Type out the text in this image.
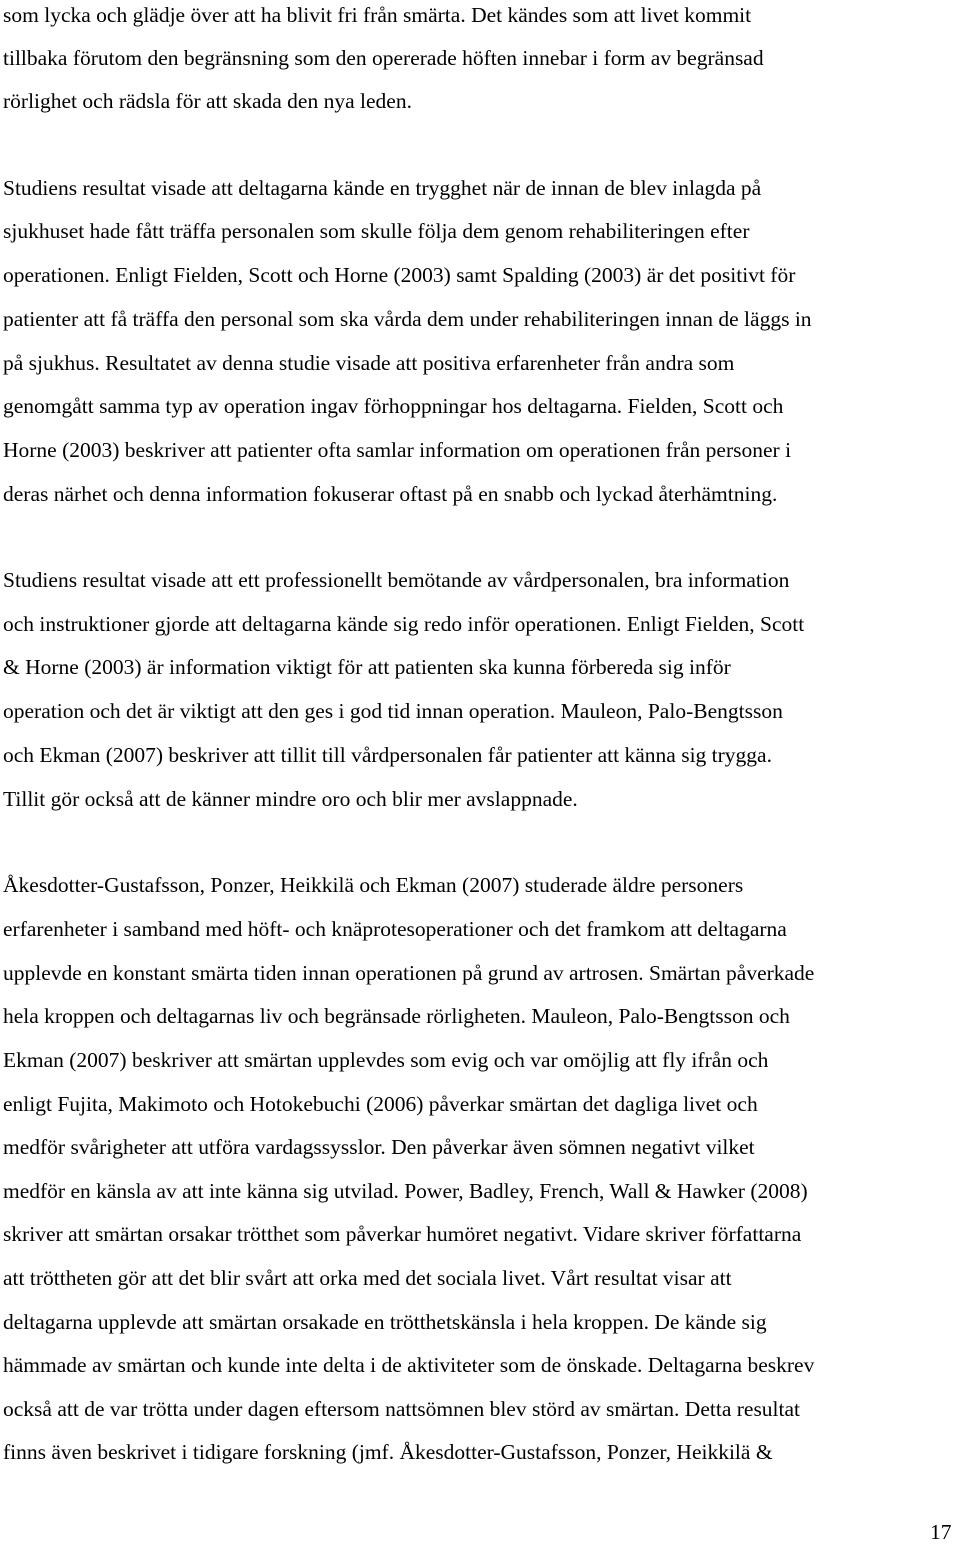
som lycka och glädje över att ha blivit fri från smärta. Det kändes som att livet kommit
tillbaka förutom den begränsning som den opererade höften innebar i form av begränsad
rörlighet och rädsla för att skada den nya leden.
Studiens resultat visade att deltagarna kände en trygghet när de innan de blev inlagda på
sjukhuset hade fått träffa personalen som skulle följa dem genom rehabiliteringen efter
operationen. Enligt Fielden, Scott och Horne (2003) samt Spalding (2003) är det positivt för
patienter att få träffa den personal som ska vårda dem under rehabiliteringen innan de läggs in
på sjukhus. Resultatet av denna studie visade att positiva erfarenheter från andra som
genomgått samma typ av operation ingav förhoppningar hos deltagarna. Fielden, Scott och
Horne (2003) beskriver att patienter ofta samlar information om operationen från personer i
deras närhet och denna information fokuserar oftast på en snabb och lyckad återhämtning.
Studiens resultat visade att ett professionellt bemötande av vårdpersonalen, bra information
och instruktioner gjorde att deltagarna kände sig redo inför operationen. Enligt Fielden, Scott
& Horne (2003) är information viktigt för att patienten ska kunna förbereda sig inför
operation och det är viktigt att den ges i god tid innan operation. Mauleon, Palo-Bengtsson
och Ekman (2007) beskriver att tillit till vårdpersonalen får patienter att känna sig trygga.
Tillit gör också att de känner mindre oro och blir mer avslappnade.
Åkesdotter-Gustafsson, Ponzer, Heikkilä och Ekman (2007) studerade äldre personers
erfarenheter i samband med höft- och knäprotesoperationer och det framkom att deltagarna
upplevde en konstant smärta tiden innan operationen på grund av artrosen. Smärtan påverkade
hela kroppen och deltagarnas liv och begränsade rörligheten. Mauleon, Palo-Bengtsson och
Ekman (2007) beskriver att smärtan upplevdes som evig och var omöjlig att fly ifrån och
enligt Fujita, Makimoto och Hotokebuchi (2006) påverkar smärtan det dagliga livet och
medför svårigheter att utföra vardagssysslor. Den påverkar även sömnen negativt vilket
medför en känsla av att inte känna sig utvilad. Power, Badley, French, Wall & Hawker (2008)
skriver att smärtan orsakar trötthet som påverkar humöret negativt. Vidare skriver författarna
att tröttheten gör att det blir svårt att orka med det sociala livet. Vårt resultat visar att
deltagarna upplevde att smärtan orsakade en trötthetskänsla i hela kroppen. De kände sig
hämmade av smärtan och kunde inte delta i de aktiviteter som de önskade. Deltagarna beskrev
också att de var trötta under dagen eftersom nattsömnen blev störd av smärtan. Detta resultat
finns även beskrivet i tidigare forskning (jmf. Åkesdotter-Gustafsson, Ponzer, Heikkilä &
17
